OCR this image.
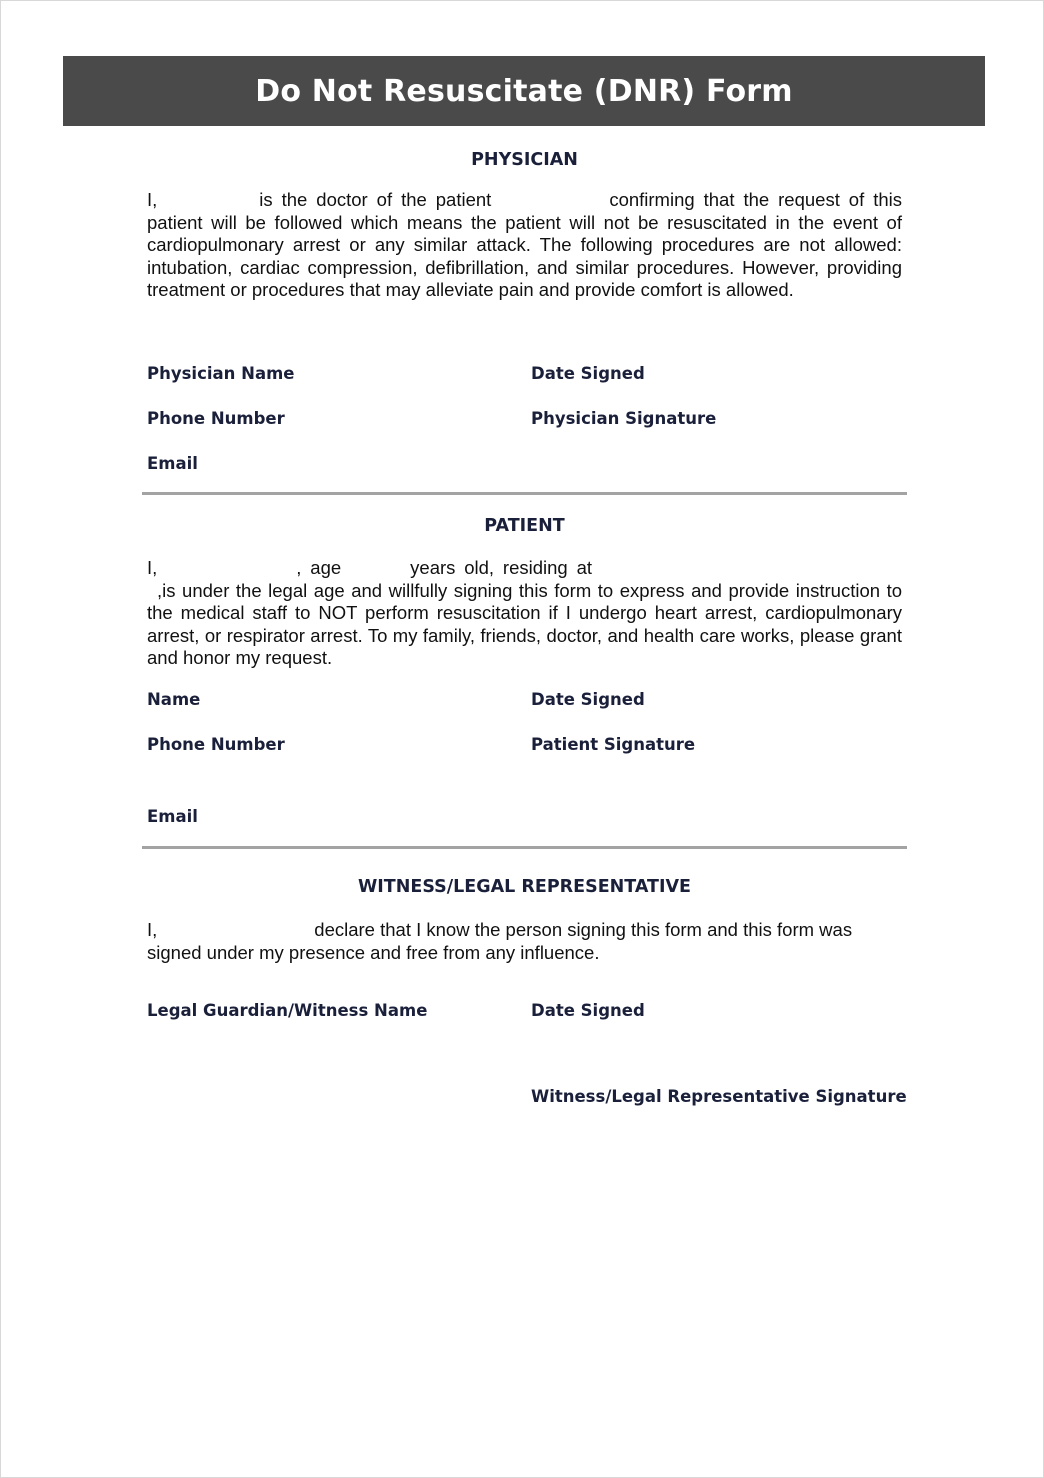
Do Not Resuscitate (DNR) Form
PHYSICIAN

I,	is the doctor of the patient	confirming that the request of this patient will be followed which means the patient will not be resuscitated in the event of cardiopulmonary arrest or any similar attack. The following procedures are not allowed: intubation, cardiac compression, defibrillation, and similar procedures. However, providing treatment or procedures that may alleviate pain and provide comfort is allowed.

Physician Name	Date Signed
Phone Number	Physician Signature
Email
PATIENT

I,	, age	years old, residing at ,is under the legal age and willfully signing this form to express and provide instruction to the medical staff to NOT perform resuscitation if I undergo heart arrest, cardiopulmonary arrest, or respirator arrest. To my family, friends, doctor, and health care works, please grant and honor my request.

Name	Date Signed
Phone Number	Patient Signature
Email
WITNESS/LEGAL REPRESENTATIVE

I,	declare that I know the person signing this form and this form was signed under my presence and free from any influence.

Legal Guardian/Witness Name	Date Signed
Witness/Legal Representative Signature
